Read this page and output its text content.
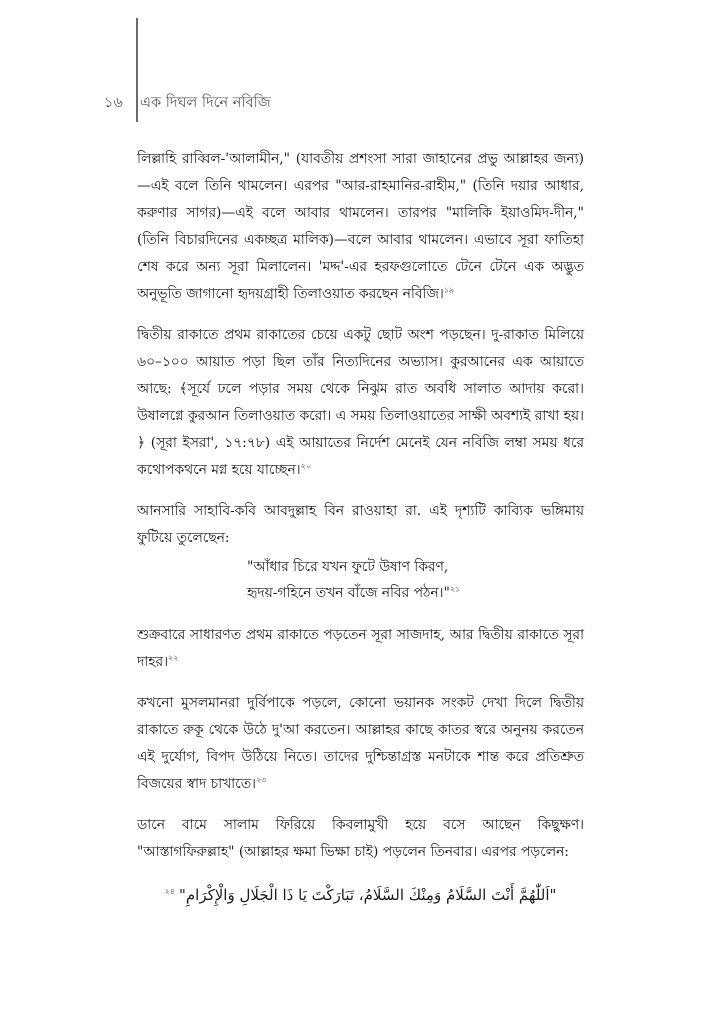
১৬ এক দিঘল দিনে নবিজি

লিল্লাহি রাব্বিল-'আলামীন," (যাবতীয় প্রশংসা সারা জাহানের প্রভু আল্লাহর জন্য)—এই বলে তিনি থামলেন। এরপর "আর-রাহমানির-রাহীম," (তিনি দয়ার আধার, করুণার সাগর)—এই বলে আবার থামলেন। তারপর "মালিকি ইয়াওমিদ-দীন," (তিনি বিচারদিনের একচ্ছত্র মালিক)—বলে আবার থামলেন। এভাবে সূরা ফাতিহা শেষ করে অন্য সূরা মিলালেন। 'মদ্দ'-এর হরফগুলোতে টেনে টেনে এক অদ্ভুত অনুভূতি জাগানো হৃদয়গ্রাহী তিলাওয়াত করছেন নবিজি।$^{১৯}$

দ্বিতীয় রাকাতে প্রথম রাকাতের চেয়ে একটু ছোট অংশ পড়ছেন। দু-রাকাত মিলিয়ে ৬০–১০০ আয়াত পড়া ছিল তাঁর নিত্যদিনের অভ্যাস। কুরআনের এক আয়াতে আছে: ﴾সূর্যে ঢলে পড়ার সময় থেকে নিঝুম রাত অবধি সালাত আদায় করো। উষালগ্নে কুরআন তিলাওয়াত করো। এ সময় তিলাওয়াতের সাক্ষী অবশ্যই রাখা হয়।﴿ (সূরা ইসরা', ১৭:৭৮) এই আয়াতের নির্দেশ মেনেই যেন নবিজি লম্বা সময় ধরে কথোপকথনে মগ্ন হয়ে যাচ্ছেন।$^{২০}$

আনসারি সাহাবি-কবি আবদুল্লাহ বিন রাওয়াহা রা. এই দৃশ্যটি কাব্যিক ভঙ্গিমায় ফুটিয়ে তুলেছেন:

"আঁধার চিরে যখন ফুটে উষাণ কিরণ,
হৃদয়-গহিনে তখন বাঁজে নবির পঠন।"$^{২১}$

শুক্রবারে সাধারণত প্রথম রাকাতে পড়তেন সূরা সাজদাহ, আর দ্বিতীয় রাকাতে সূরা দাহর।$^{২২}$

কখনো মুসলমানরা দুর্বিপাকে পড়লে, কোনো ভয়ানক সংকট দেখা দিলে দ্বিতীয় রাকাতে রুকূ থেকে উঠে দু'আ করতেন। আল্লাহর কাছে কাতর স্বরে অনুনয় করতেন এই দুর্যোগ, বিপদ উঠিয়ে নিতে। তাদের দুশ্চিন্তাগ্রস্ত মনটাকে শান্ত করে প্রতিশ্রুত বিজয়ের স্বাদ চাখাতে।$^{২৩}$

ডানে বামে সালাম ফিরিয়ে কিবলামুখী হয়ে বসে আছেন কিছুক্ষণ। "আস্তাগফিরুল্লাহ" (আল্লাহর ক্ষমা ভিক্ষা চাই) পড়লেন তিনবার। এরপর পড়লেন:

$^{২৪}$ "اَللّٰهُمَّ أَنْتَ السَّلَامُ وَمِنْكَ السَّلَامُ، تَبَارَكْتَ يَا ذَا الْجَلَالِ وَالْإِكْرَامِ"
